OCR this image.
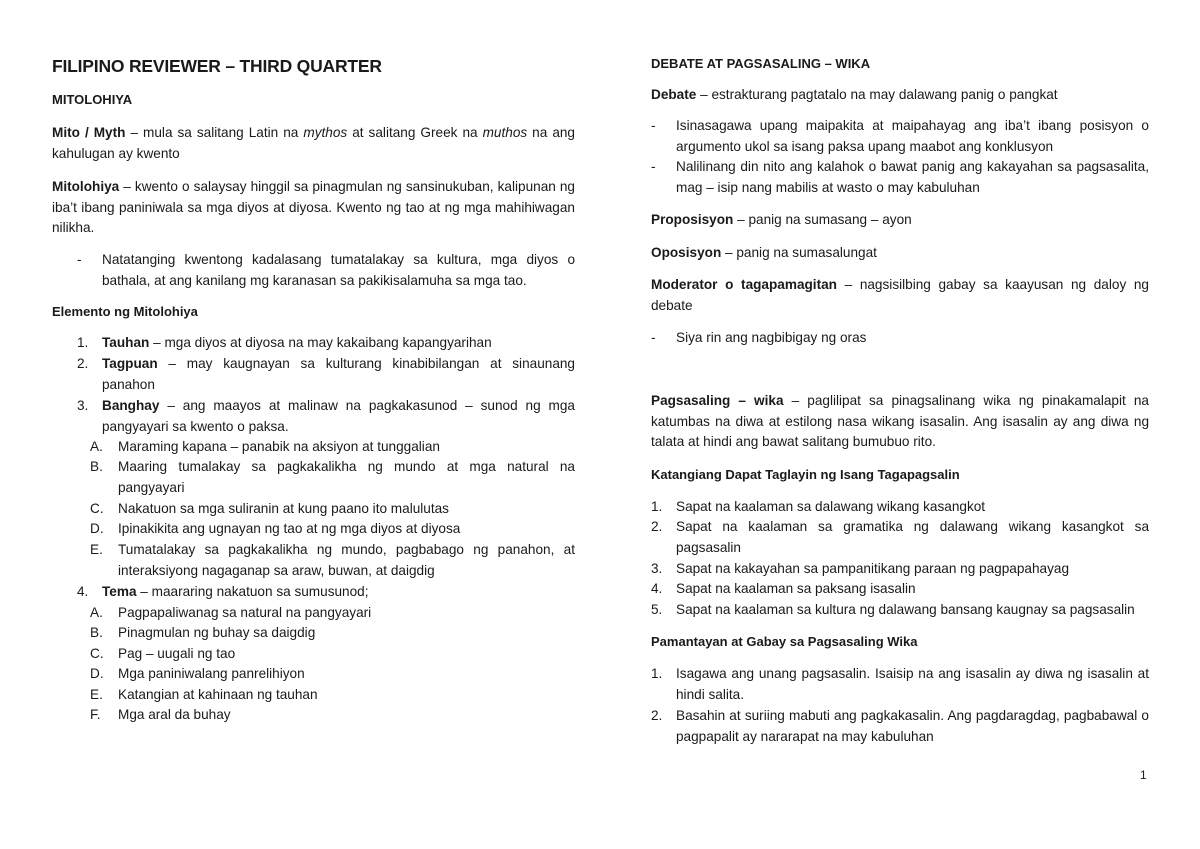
FILIPINO REVIEWER – THIRD QUARTER
MITOLOHIYA
Mito / Myth – mula sa salitang Latin na mythos at salitang Greek na muthos na ang kahulugan ay kwento
Mitolohiya – kwento o salaysay hinggil sa pinagmulan ng sansinukuban, kalipunan ng iba’t ibang paniniwala sa mga diyos at diyosa. Kwento ng tao at ng mga mahihiwagan nilikha.
- Natatanging kwentong kadalasang tumatalakay sa kultura, mga diyos o bathala, at ang kanilang mg karanasan sa pakikisalamuha sa mga tao.
Elemento ng Mitolohiya
1. Tauhan – mga diyos at diyosa na may kakaibang kapangyarihan
2. Tagpuan – may kaugnayan sa kulturang kinabibilangan at sinaunang panahon
3. Banghay – ang maayos at malinaw na pagkakasunod – sunod ng mga pangyayari sa kwento o paksa.
A. Maraming kapana – panabik na aksiyon at tunggalian
B. Maaring tumalakay sa pagkakalikha ng mundo at mga natural na pangyayari
C. Nakatuon sa mga suliranin at kung paano ito malulutas
D. Ipinakikita ang ugnayan ng tao at ng mga diyos at diyosa
E. Tumatalakay sa pagkakalikha ng mundo, pagbabago ng panahon, at interaksiyong nagaganap sa araw, buwan, at daigdig
4. Tema – maararing nakatuon sa sumusunod;
A. Pagpapaliwanag sa natural na pangyayari
B. Pinagmulan ng buhay sa daigdig
C. Pag – uugali ng tao
D. Mga paniniwalang panrelihiyon
E. Katangian at kahinaan ng tauhan
F. Mga aral da buhay
DEBATE AT PAGSASALING – WIKA
Debate – estrakturang pagtatalo na may dalawang panig o pangkat
- Isinasagawa upang maipakita at maipahayag ang iba’t ibang posisyon o argumento ukol sa isang paksa upang maabot ang konklusyon
- Nalilinang din nito ang kalahok o bawat panig ang kakayahan sa pagsasalita, mag – isip nang mabilis at wasto o may kabuluhan
Proposisyon – panig na sumasang – ayon
Oposisyon – panig na sumasalungat
Moderator o tagapamagitan – nagsisilbing gabay sa kaayusan ng daloy ng debate
- Siya rin ang nagbibigay ng oras
Pagsasaling – wika – paglilipat sa pinagsalinang wika ng pinakamalapit na katumbas na diwa at estilong nasa wikang isasalin. Ang isasalin ay ang diwa ng talata at hindi ang bawat salitang bumubuo rito.
Katangiang Dapat Taglayin ng Isang Tagapagsalin
1. Sapat na kaalaman sa dalawang wikang kasangkot
2. Sapat na kaalaman sa gramatika ng dalawang wikang kasangkot sa pagsasalin
3. Sapat na kakayahan sa pampanitikang paraan ng pagpapahayag
4. Sapat na kaalaman sa paksang isasalin
5. Sapat na kaalaman sa kultura ng dalawang bansang kaugnay sa pagsasalin
Pamantayan at Gabay sa Pagsasaling Wika
1. Isagawa ang unang pagsasalin. Isaisip na ang isasalin ay diwa ng isasalin at hindi salita.
2. Basahin at suriing mabuti ang pagkakasalin. Ang pagdaragdag, pagbabawal o pagpapalit ay nararapat na may kabuluhan
1
